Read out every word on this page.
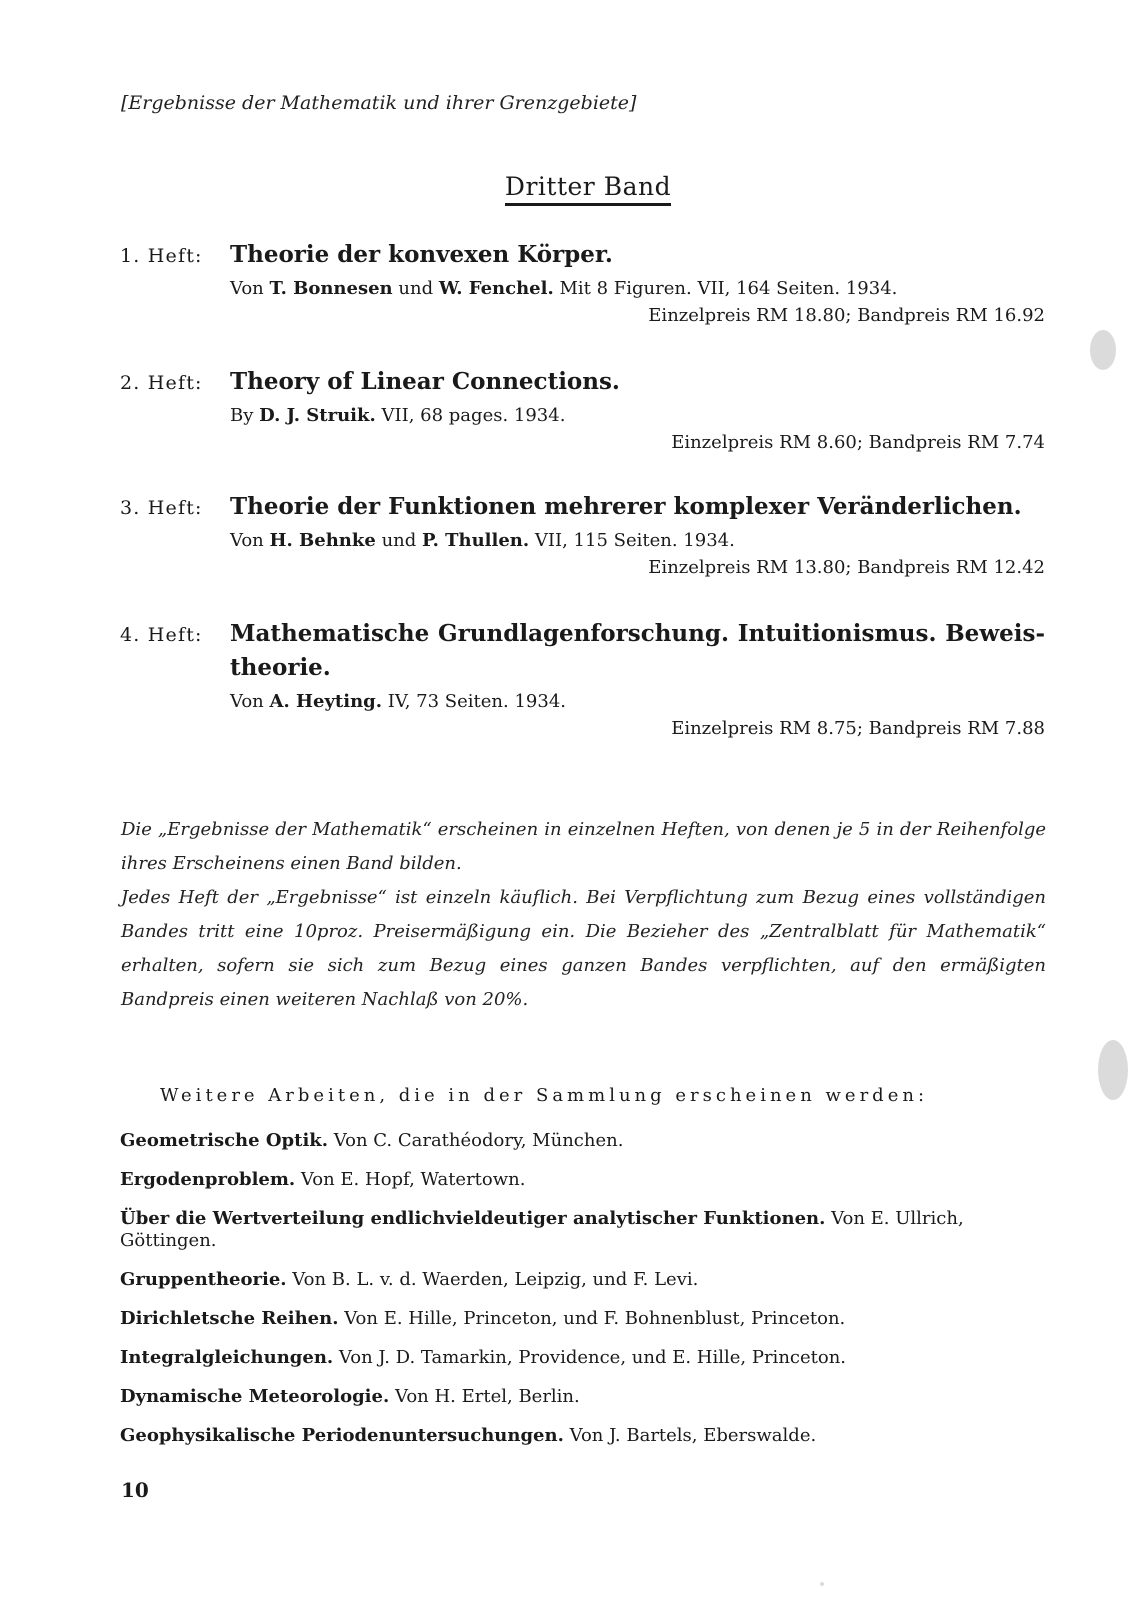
[Ergebnisse der Mathematik und ihrer Grenzgebiete]
Dritter Band
1. Heft:	Theorie der konvexen Körper.
Von T. Bonnesen und W. Fenchel. Mit 8 Figuren. VII, 164 Seiten. 1934.
Einzelpreis RM 18.80; Bandpreis RM 16.92
2. Heft:	Theory of Linear Connections.
By D. J. Struik. VII, 68 pages. 1934.
Einzelpreis RM 8.60; Bandpreis RM 7.74
3. Heft:	Theorie der Funktionen mehrerer komplexer Veränderlichen.
Von H. Behnke und P. Thullen. VII, 115 Seiten. 1934.
Einzelpreis RM 13.80; Bandpreis RM 12.42
4. Heft:	Mathematische Grundlagenforschung. Intuitionismus. Beweis-
theorie.
Von A. Heyting. IV, 73 Seiten. 1934.
Einzelpreis RM 8.75; Bandpreis RM 7.88

Die „Ergebnisse der Mathematik“ erscheinen in einzelnen Heften, von denen je 5 in der Reihenfolge ihres Erscheinens einen Band bilden.

Jedes Heft der „Ergebnisse“ ist einzeln käuflich. Bei Verpflichtung zum Bezug eines vollständigen Bandes tritt eine 10proz. Preisermäßigung ein. Die Bezieher des „Zentralblatt für Mathematik“ erhalten, sofern sie sich zum Bezug eines ganzen Bandes verpflichten, auf den ermäßigten Bandpreis einen weiteren Nachlaß von 20%.

Weitere Arbeiten, die in der Sammlung erscheinen werden:
Geometrische Optik. Von C. Carathéodory, München.
Ergodenproblem. Von E. Hopf, Watertown.
Über die Wertverteilung endlichvieldeutiger analytischer Funktionen. Von E. Ullrich, Göttingen.
Gruppentheorie. Von B. L. v. d. Waerden, Leipzig, und F. Levi.
Dirichletsche Reihen. Von E. Hille, Princeton, und F. Bohnenblust, Princeton.
Integralgleichungen. Von J. D. Tamarkin, Providence, und E. Hille, Princeton.
Dynamische Meteorologie. Von H. Ertel, Berlin.
Geophysikalische Periodenuntersuchungen. Von J. Bartels, Eberswalde.
10
